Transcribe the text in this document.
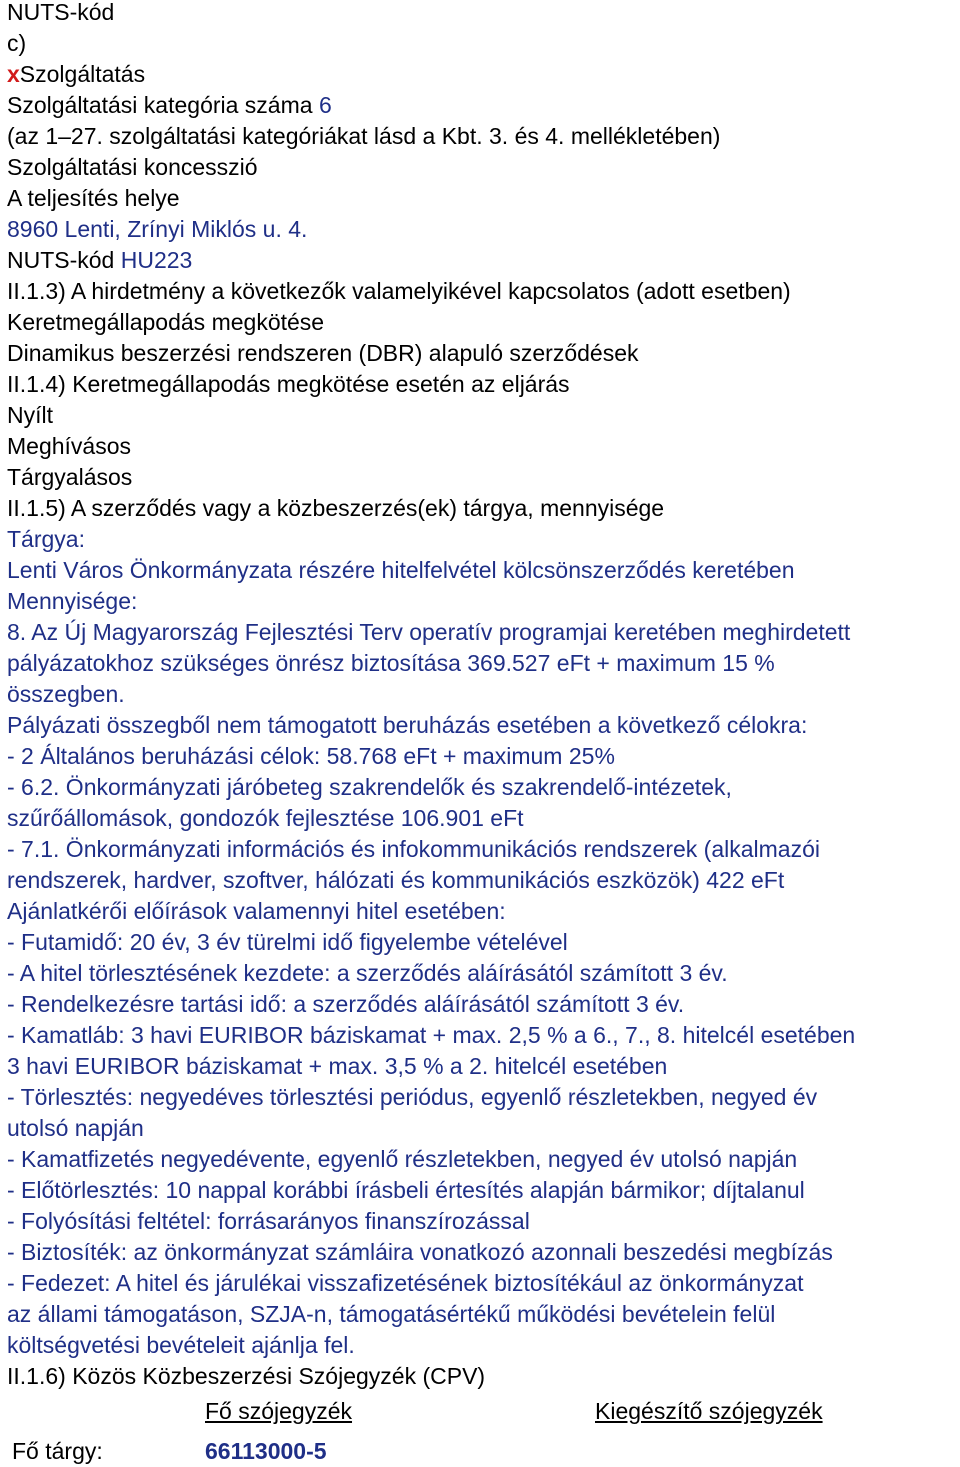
NUTS-kód
c)
xSzolgáltatás
Szolgáltatási kategória száma 6
(az 1–27. szolgáltatási kategóriákat lásd a Kbt. 3. és 4. mellékletében)
Szolgáltatási koncesszió
A teljesítés helye
8960 Lenti, Zrínyi Miklós u. 4.
NUTS-kód HU223
II.1.3) A hirdetmény a következők valamelyikével kapcsolatos (adott esetben)
Keretmegállapodás megkötése
Dinamikus beszerzési rendszeren (DBR) alapuló szerződések
II.1.4) Keretmegállapodás megkötése esetén az eljárás
Nyílt
Meghívásos
Tárgyalásos
II.1.5) A szerződés vagy a közbeszerzés(ek) tárgya, mennyisége
Tárgya:
Lenti Város Önkormányzata részére hitelfelvétel kölcsönszerződés keretében
Mennyisége:
8. Az Új Magyarország Fejlesztési Terv operatív programjai keretében meghirdetett
pályázatokhoz szükséges önrész biztosítása 369.527 eFt + maximum 15 %
összegben.
Pályázati összegből nem támogatott beruházás esetében a következő célokra:
- 2 Általános beruházási célok: 58.768 eFt + maximum 25%
- 6.2. Önkormányzati járóbeteg szakrendelők és szakrendelő-intézetek,
szűrőállomások, gondozók fejlesztése 106.901 eFt
- 7.1. Önkormányzati információs és infokommunikációs rendszerek (alkalmazói
rendszerek, hardver, szoftver, hálózati és kommunikációs eszközök) 422 eFt
Ajánlatkérői előírások valamennyi hitel esetében:
- Futamidő: 20 év, 3 év türelmi idő figyelembe vételével
- A hitel törlesztésének kezdete: a szerződés aláírásától számított 3 év.
- Rendelkezésre tartási idő: a szerződés aláírásától számított 3 év.
- Kamatláb: 3 havi EURIBOR báziskamat + max. 2,5 % a 6., 7., 8. hitelcél esetében
3 havi EURIBOR báziskamat + max. 3,5 % a 2. hitelcél esetében
- Törlesztés: negyedéves törlesztési periódus, egyenlő részletekben, negyed év
utolsó napján
- Kamatfizetés negyedévente, egyenlő részletekben, negyed év utolsó napján
- Előtörlesztés: 10 nappal korábbi írásbeli értesítés alapján bármikor; díjtalanul
- Folyósítási feltétel: forrásarányos finanszírozással
- Biztosíték: az önkormányzat számláira vonatkozó azonnali beszedési megbízás
- Fedezet: A hitel és járulékai visszafizetésének biztosítékául az önkormányzat
az állami támogatáson, SZJA-n, támogatásértékű működési bevételein felül
költségvetési bevételeit ajánlja fel.
II.1.6) Közös Közbeszerzési Szójegyzék (CPV)
Fő szójegyzék	Kiegészítő szójegyzék
Fő tárgy:	66113000-5
